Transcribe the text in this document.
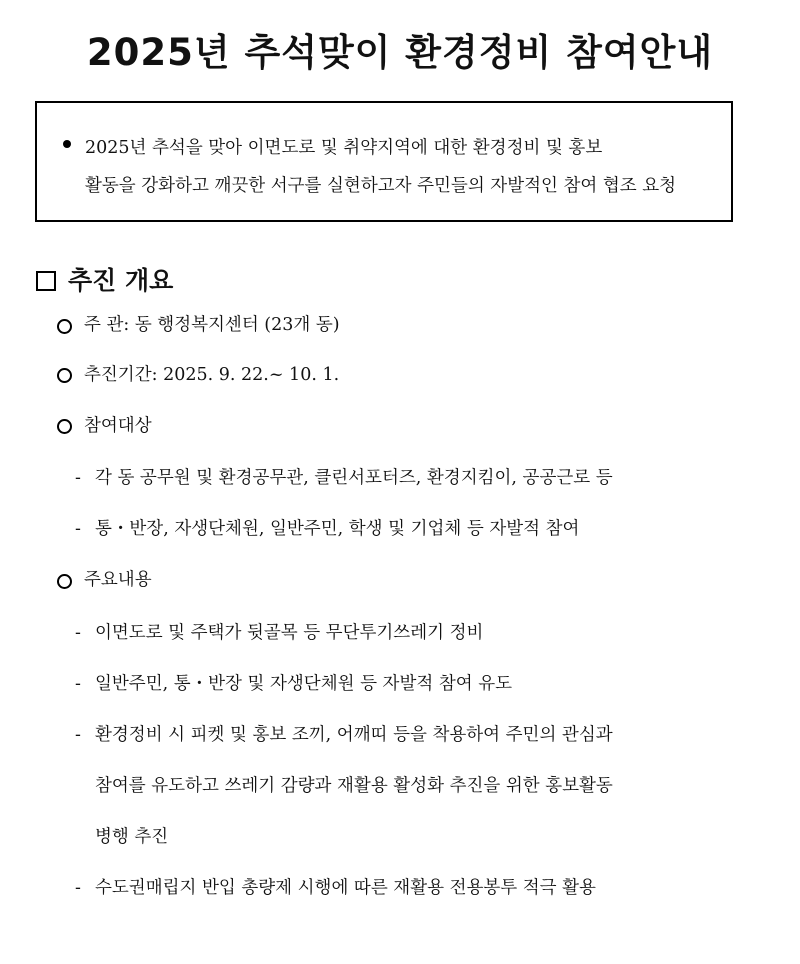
2025년 추석맞이 환경정비 참여안내
2025년 추석을 맞아 이면도로 및 취약지역에 대한 환경정비 및 홍보
활동을 강화하고 깨끗한 서구를 실현하고자 주민들의 자발적인 참여 협조 요청
추진 개요
주 관: 동 행정복지센터 (23개 동)
추진기간: 2025. 9. 22.~ 10. 1.
참여대상
- 각 동 공무원 및 환경공무관, 클린서포터즈, 환경지킴이, 공공근로 등
- 통・반장, 자생단체원, 일반주민, 학생 및 기업체 등 자발적 참여
주요내용
- 이면도로 및 주택가 뒷골목 등 무단투기쓰레기 정비
- 일반주민, 통・반장 및 자생단체원 등 자발적 참여 유도
- 환경정비 시 피켓 및 홍보 조끼, 어깨띠 등을 착용하여 주민의 관심과
참여를 유도하고 쓰레기 감량과 재활용 활성화 추진을 위한 홍보활동
병행 추진
- 수도권매립지 반입 총량제 시행에 따른 재활용 전용봉투 적극 활용
